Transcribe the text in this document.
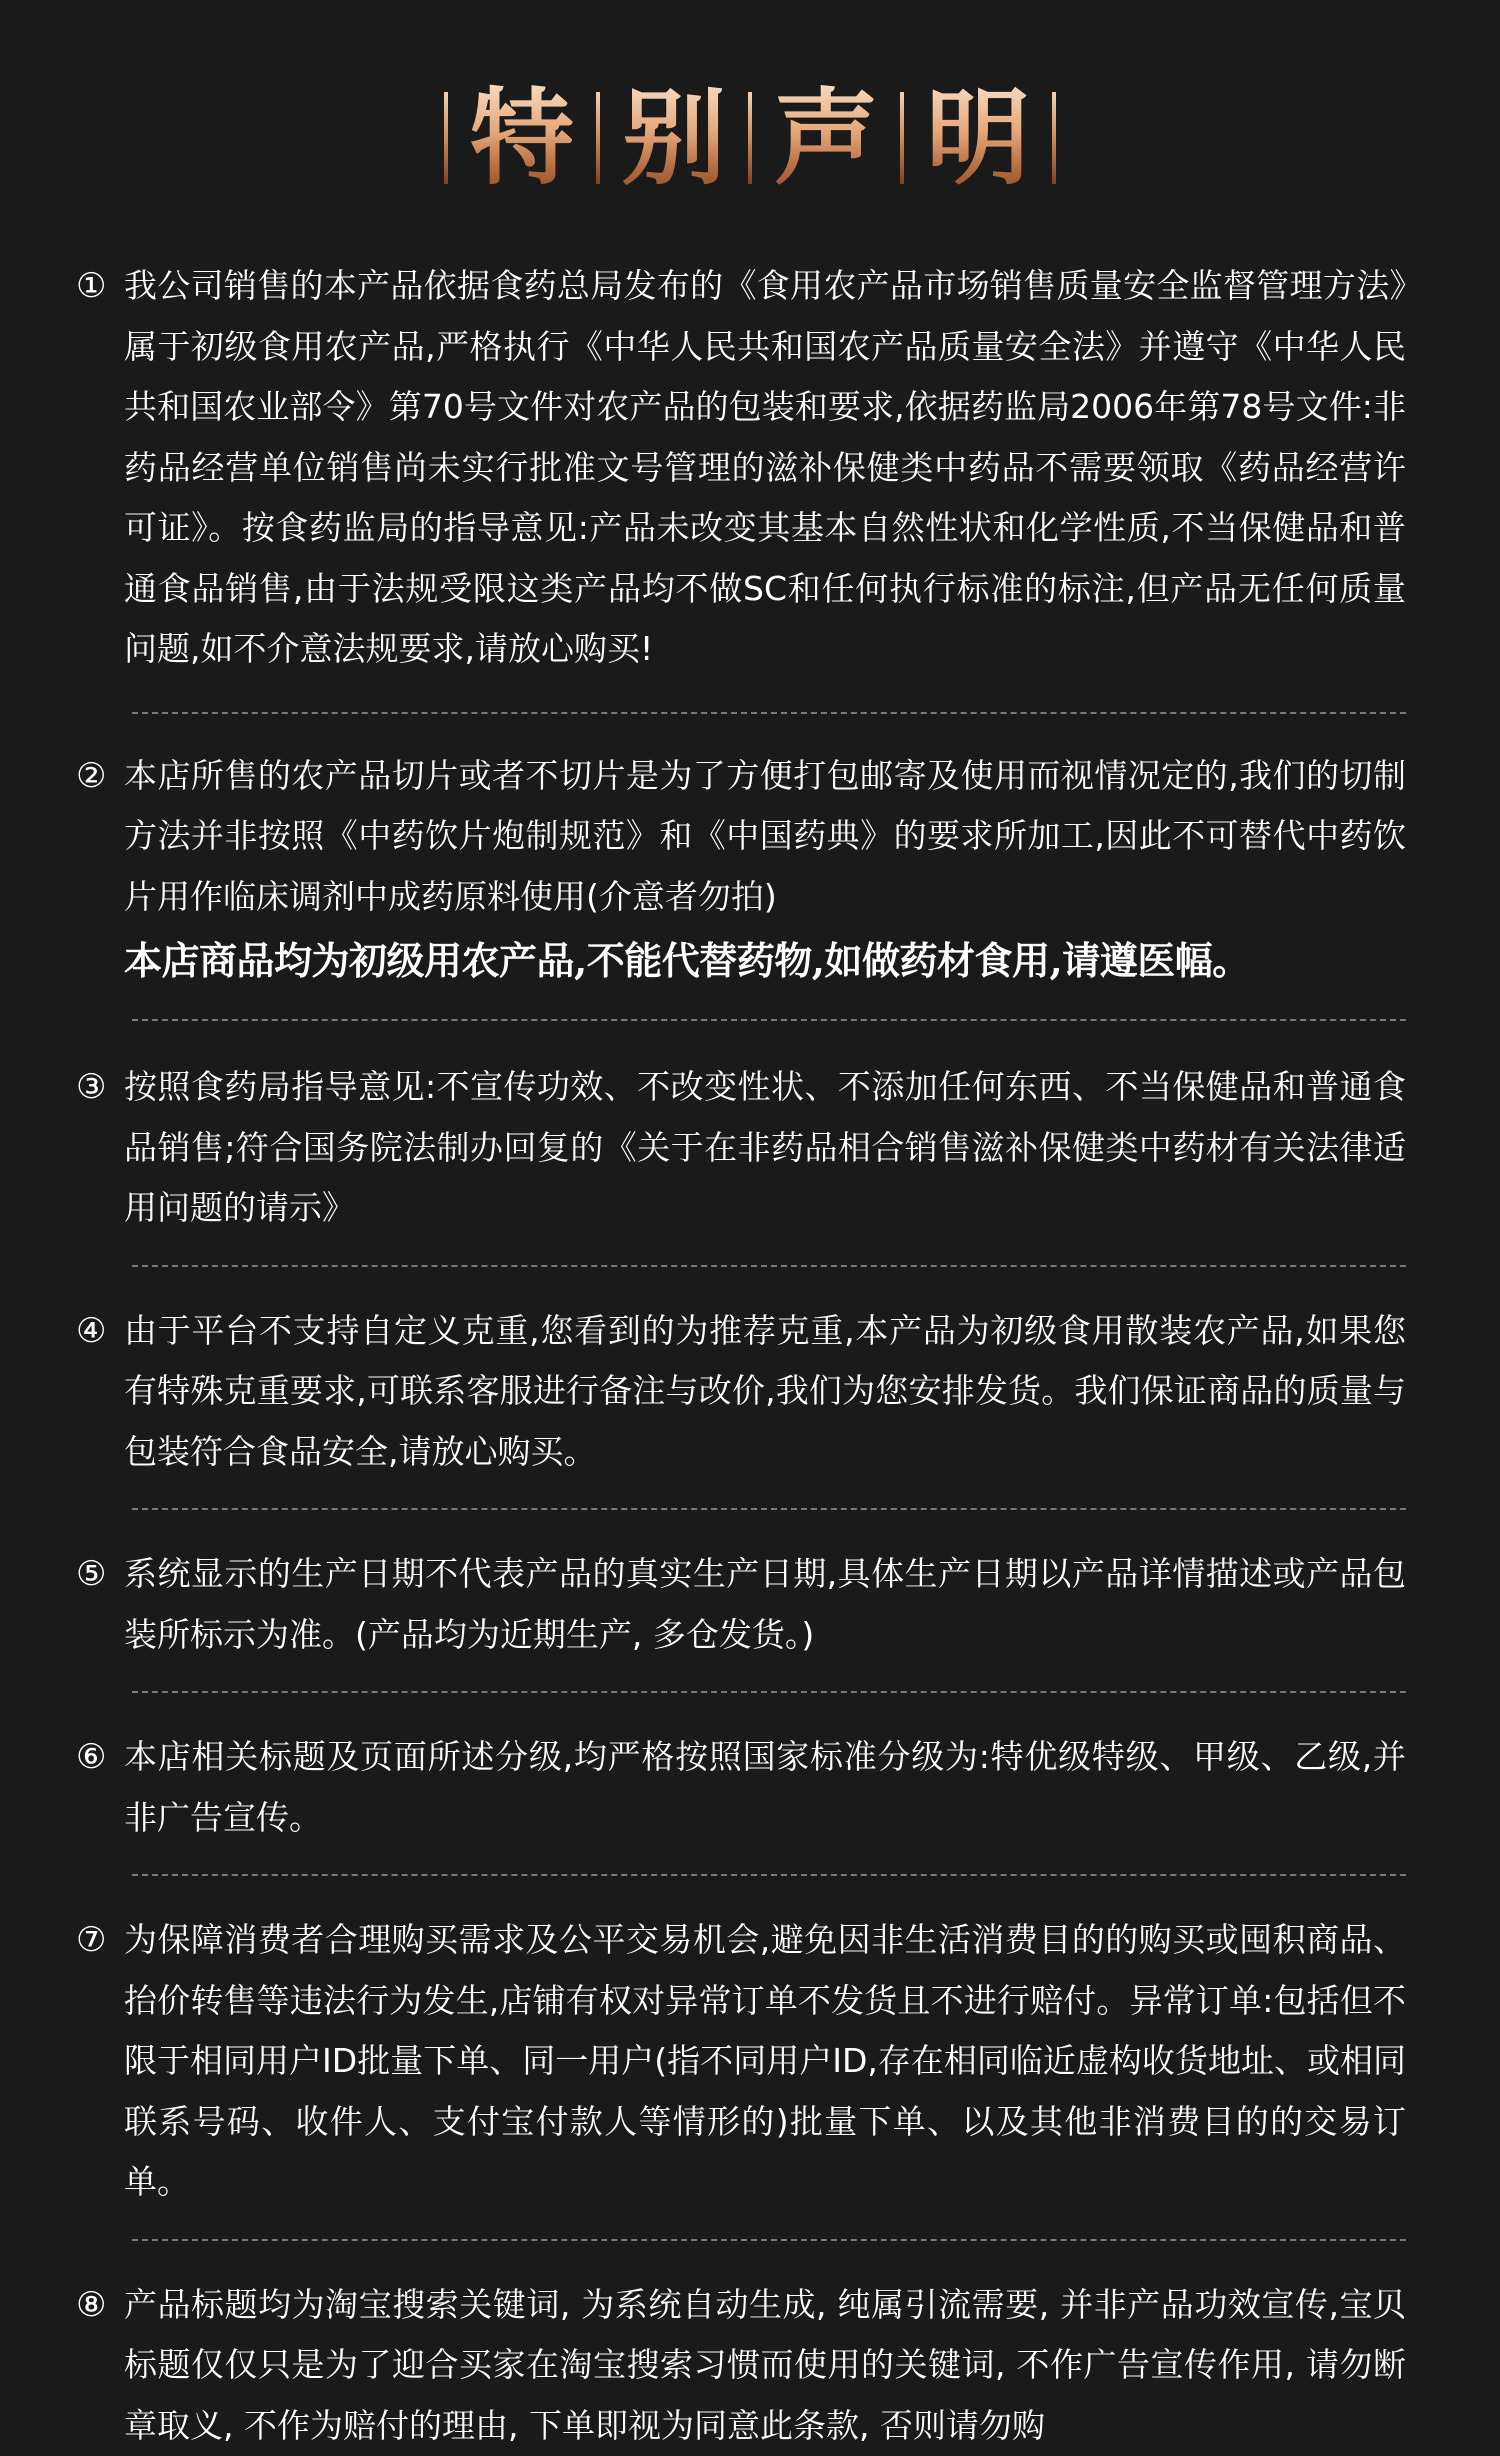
特 别 声 明
① 我公司销售的本产品依据食药总局发布的《食用农产品市场销售质量安全监督管理方法》属于初级食用农产品,严格执行《中华人民共和国农产品质量安全法》并遵守《中华人民共和国农业部令》第70号文件对农产品的包装和要求,依据药监局2006年第78号文件:非药品经营单位销售尚未实行批准文号管理的滋补保健类中药品不需要领取《药品经营许可证》。按食药监局的指导意见:产品未改变其基本自然性状和化学性质,不当保健品和普通食品销售,由于法规受限这类产品均不做SC和任何执行标准的标注,但产品无任何质量问题,如不介意法规要求,请放心购买!
② 本店所售的农产品切片或者不切片是为了方便打包邮寄及使用而视情况定的,我们的切制方法并非按照《中药饮片炮制规范》和《中国药典》的要求所加工,因此不可替代中药饮片用作临床调剂中成药原料使用(介意者勿拍)
本店商品均为初级用农产品,不能代替药物,如做药材食用,请遵医幅。
③ 按照食药局指导意见:不宣传功效、不改变性状、不添加任何东西、不当保健品和普通食品销售;符合国务院法制办回复的《关于在非药品相合销售滋补保健类中药材有关法律适用问题的请示》
④ 由于平台不支持自定义克重,您看到的为推荐克重,本产品为初级食用散装农产品,如果您有特殊克重要求,可联系客服进行备注与改价,我们为您安排发货。我们保证商品的质量与包装符合食品安全,请放心购买。
⑤ 系统显示的生产日期不代表产品的真实生产日期,具体生产日期以产品详情描述或产品包装所标示为准。(产品均为近期生产, 多仓发货。)
⑥ 本店相关标题及页面所述分级,均严格按照国家标准分级为:特优级特级、甲级、乙级,并非广告宣传。
⑦ 为保障消费者合理购买需求及公平交易机会,避免因非生活消费目的的购买或囤积商品、抬价转售等违法行为发生,店铺有权对异常订单不发货且不进行赔付。异常订单:包括但不限于相同用户ID批量下单、同一用户(指不同用户ID,存在相同临近虚构收货地址、或相同联系号码、收件人、支付宝付款人等情形的)批量下单、以及其他非消费目的的交易订单。
⑧ 产品标题均为淘宝搜索关键词, 为系统自动生成, 纯属引流需要, 并非产品功效宣传,宝贝标题仅仅只是为了迎合买家在淘宝搜索习惯而使用的关键词, 不作广告宣传作用, 请勿断章取义, 不作为赔付的理由, 下单即视为同意此条款, 否则请勿购
